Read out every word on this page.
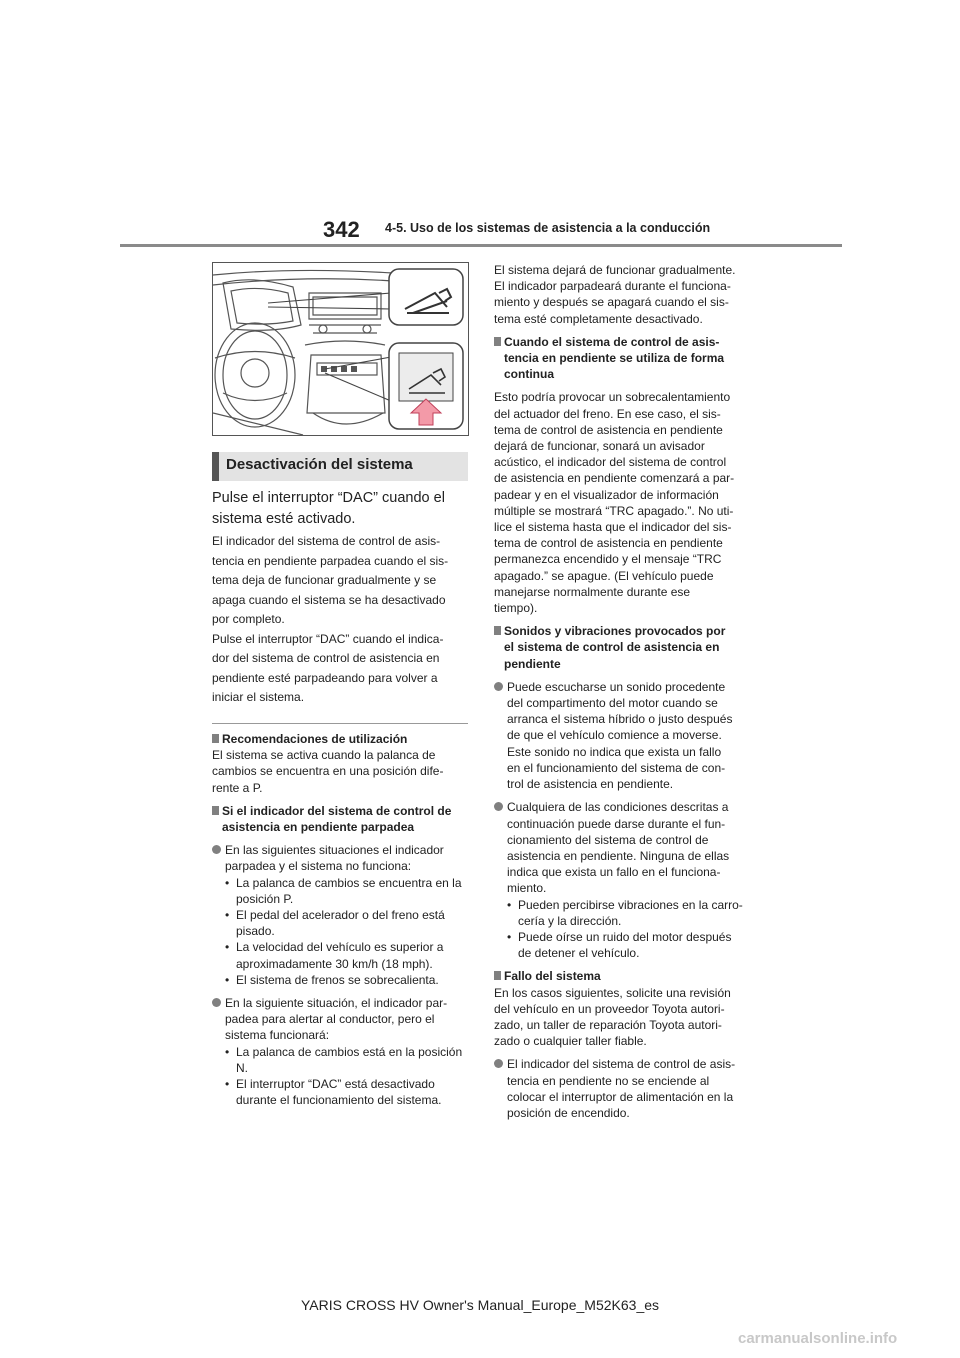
342 4-5. Uso de los sistemas de asistencia a la conducción
Desactivación del sistema
Pulse el interruptor “DAC” cuando el sistema esté activado.
El indicador del sistema de control de asis-
tencia en pendiente parpadea cuando el sis-
tema deja de funcionar gradualmente y se
apaga cuando el sistema se ha desactivado
por completo.
Pulse el interruptor “DAC” cuando el indica-
dor del sistema de control de asistencia en
pendiente esté parpadeando para volver a
iniciar el sistema.
Recomendaciones de utilización

El sistema se activa cuando la palanca de

cambios se encuentra en una posición dife-

rente a P.

Si el indicador del sistema de control de
asistencia en pendiente parpadea
En las siguientes situaciones el indicador
parpadea y el sistema no funciona:
• La palanca de cambios se encuentra en la
posición P.
• El pedal del acelerador o del freno está
pisado.
• La velocidad del vehículo es superior a
aproximadamente 30 km/h (18 mph).
• El sistema de frenos se sobrecalienta.
En la siguiente situación, el indicador par-
padea para alertar al conductor, pero el
sistema funcionará:
• La palanca de cambios está en la posición
N.
• El interruptor “DAC” está desactivado
durante el funcionamiento del sistema.

El sistema dejará de funcionar gradualmente.

El indicador parpadeará durante el funciona-

miento y después se apagará cuando el sis-

tema esté completamente desactivado.

Cuando el sistema de control de asis-
tencia en pendiente se utiliza de forma
continua

Esto podría provocar un sobrecalentamiento

del actuador del freno. En ese caso, el sis-

tema de control de asistencia en pendiente

dejará de funcionar, sonará un avisador

acústico, el indicador del sistema de control

de asistencia en pendiente comenzará a par-

padear y en el visualizador de información

múltiple se mostrará “TRC apagado.”. No uti-

lice el sistema hasta que el indicador del sis-

tema de control de asistencia en pendiente

permanezca encendido y el mensaje “TRC

apagado.” se apague. (El vehículo puede

manejarse normalmente durante ese

tiempo).

Sonidos y vibraciones provocados por
el sistema de control de asistencia en
pendiente
Puede escucharse un sonido procedente
del compartimento del motor cuando se
arranca el sistema híbrido o justo después
de que el vehículo comience a moverse.
Este sonido no indica que exista un fallo
en el funcionamiento del sistema de con-
trol de asistencia en pendiente.
Cualquiera de las condiciones descritas a
continuación puede darse durante el fun-
cionamiento del sistema de control de
asistencia en pendiente. Ninguna de ellas
indica que exista un fallo en el funciona-
miento.
• Pueden percibirse vibraciones en la carro-
cería y la dirección.
• Puede oírse un ruido del motor después
de detener el vehículo.
Fallo del sistema

En los casos siguientes, solicite una revisión

del vehículo en un proveedor Toyota autori-

zado, un taller de reparación Toyota autori-

zado o cualquier taller fiable.

El indicador del sistema de control de asis-
tencia en pendiente no se enciende al
colocar el interruptor de alimentación en la
posición de encendido.
YARIS CROSS HV Owner's Manual_Europe_M52K63_es
carmanualsonline.info
